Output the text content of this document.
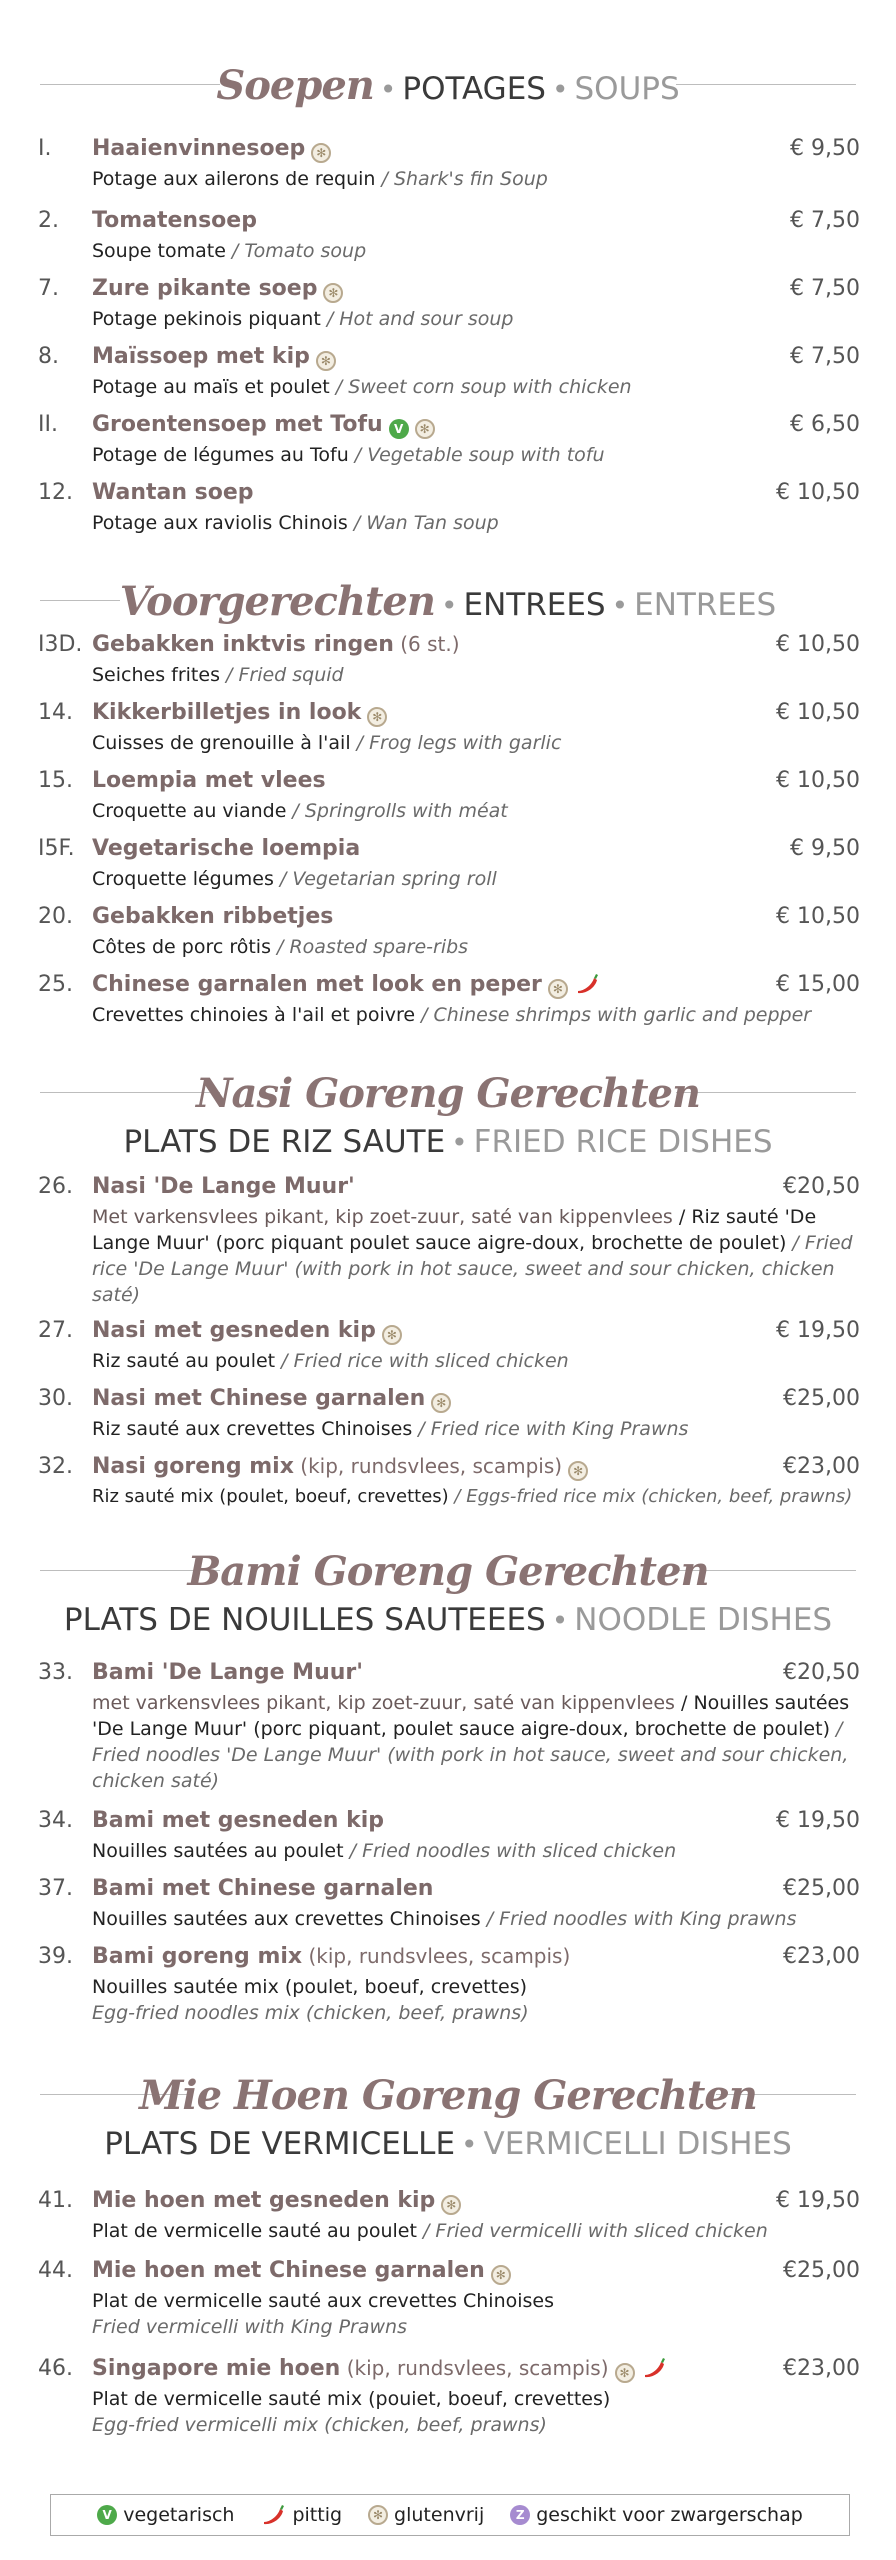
Soepen • POTAGES • SOUPS
I. Haaienvinnesoep ✻	€ 9,50
Potage aux ailerons de requin / Shark's fin Soup
2. Tomatensoep	€ 7,50
Soupe tomate / Tomato soup
7. Zure pikante soep ✻	€ 7,50
Potage pekinois piquant / Hot and sour soup
8. Maïssoep met kip ✻	€ 7,50
Potage au maïs et poulet / Sweet corn soup with chicken
II. Groentensoep met Tofu V ✻	€ 6,50
Potage de légumes au Tofu / Vegetable soup with tofu
12. Wantan soep	€ 10,50
Potage aux raviolis Chinois / Wan Tan soup
Voorgerechten • ENTREES • ENTREES
I3D. Gebakken inktvis ringen (6 st.)	€ 10,50
Seiches frites / Fried squid
14. Kikkerbilletjes in look ✻	€ 10,50
Cuisses de grenouille à l'ail / Frog legs with garlic
15. Loempia met vlees	€ 10,50
Croquette au viande / Springrolls with méat
I5F. Vegetarische loempia	€ 9,50
Croquette légumes / Vegetarian spring roll
20. Gebakken ribbetjes	€ 10,50
Côtes de porc rôtis / Roasted spare-ribs
25. Chinese garnalen met look en peper ✻	€ 15,00
Crevettes chinoies à l'ail et poivre / Chinese shrimps with garlic and pepper
Nasi Goreng Gerechten
PLATS DE RIZ SAUTE • FRIED RICE DISHES
26. Nasi 'De Lange Muur'	€20,50
Met varkensvlees pikant, kip zoet-zuur, saté van kippenvlees / Riz sauté 'De Lange Muur' (porc piquant poulet sauce aigre-doux, brochette de poulet) / Fried rice 'De Lange Muur' (with pork in hot sauce, sweet and sour chicken, chicken saté)
27. Nasi met gesneden kip ✻	€ 19,50
Riz sauté au poulet / Fried rice with sliced chicken
30. Nasi met Chinese garnalen ✻	€25,00
Riz sauté aux crevettes Chinoises / Fried rice with King Prawns
32. Nasi goreng mix (kip, rundsvlees, scampis) ✻	€23,00
Riz sauté mix (poulet, boeuf, crevettes) / Eggs-fried rice mix (chicken, beef, prawns)
Bami Goreng Gerechten
PLATS DE NOUILLES SAUTEEES • NOODLE DISHES
33. Bami 'De Lange Muur'	€20,50
met varkensvlees pikant, kip zoet-zuur, saté van kippenvlees / Nouilles sautées 'De Lange Muur' (porc piquant, poulet sauce aigre-doux, brochette de poulet) / Fried noodles 'De Lange Muur' (with pork in hot sauce, sweet and sour chicken, chicken saté)
34. Bami met gesneden kip	€ 19,50
Nouilles sautées au poulet / Fried noodles with sliced chicken
37. Bami met Chinese garnalen	€25,00
Nouilles sautées aux crevettes Chinoises / Fried noodles with King prawns
39. Bami goreng mix (kip, rundsvlees, scampis)	€23,00
Nouilles sautée mix (poulet, boeuf, crevettes)
Egg-fried noodles mix (chicken, beef, prawns)
Mie Hoen Goreng Gerechten
PLATS DE VERMICELLE • VERMICELLI DISHES
41. Mie hoen met gesneden kip ✻	€ 19,50
Plat de vermicelle sauté au poulet / Fried vermicelli with sliced chicken
44. Mie hoen met Chinese garnalen ✻	€25,00
Plat de vermicelle sauté aux crevettes Chinoises
Fried vermicelli with King Prawns
46. Singapore mie hoen (kip, rundsvlees, scampis) ✻	€23,00
Plat de vermicelle sauté mix (pouiet, boeuf, crevettes)
Egg-fried vermicelli mix (chicken, beef, prawns)
V vegetarisch	pittig	✻ glutenvrij	Z geschikt voor zwargerschap
